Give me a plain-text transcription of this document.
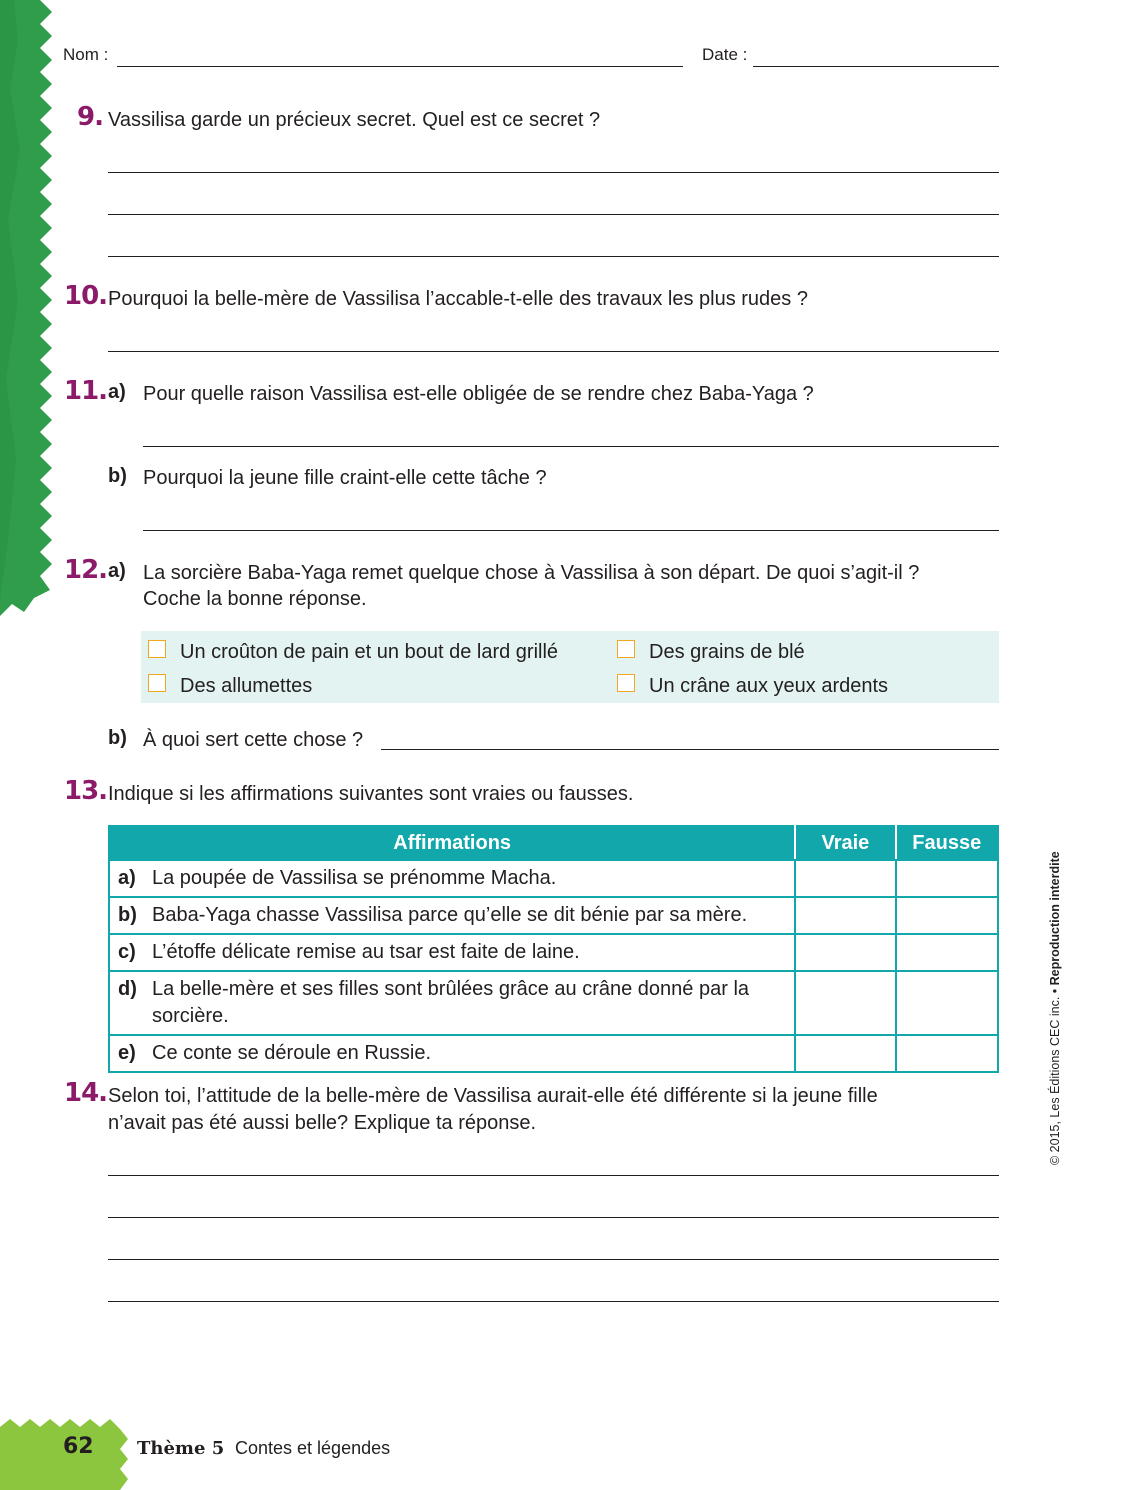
Nom :	Date :
9. Vassilisa garde un précieux secret. Quel est ce secret ?
10. Pourquoi la belle-mère de Vassilisa l’accable-t-elle des travaux les plus rudes ?
11. a) Pour quelle raison Vassilisa est-elle obligée de se rendre chez Baba-Yaga ?
b) Pourquoi la jeune fille craint-elle cette tâche ?
12. a) La sorcière Baba-Yaga remet quelque chose à Vassilisa à son départ. De quoi s’agit-il ?
Coche la bonne réponse.
Un croûton de pain et un bout de lard grillé	Des grains de blé
Des allumettes	Un crâne aux yeux ardents
b) À quoi sert cette chose ?
13. Indique si les affirmations suivantes sont vraies ou fausses.
Affirmations	Vraie	Fausse

a) La poupée de Vassilisa se prénomme Macha.		

b) Baba-Yaga chasse Vassilisa parce qu’elle se dit bénie par sa mère.		

c) L’étoffe délicate remise au tsar est faite de laine.		

d) La belle-mère et ses filles sont brûlées grâce au crâne donné par la sorcière.		

e) Ce conte se déroule en Russie.		

14. Selon toi, l’attitude de la belle-mère de Vassilisa aurait-elle été différente si la jeune fille
n’avait pas été aussi belle? Explique ta réponse.	© 2015, Les Éditions CEC inc. • Reproduction interdite
62 Thème 5 Contes et légendes
